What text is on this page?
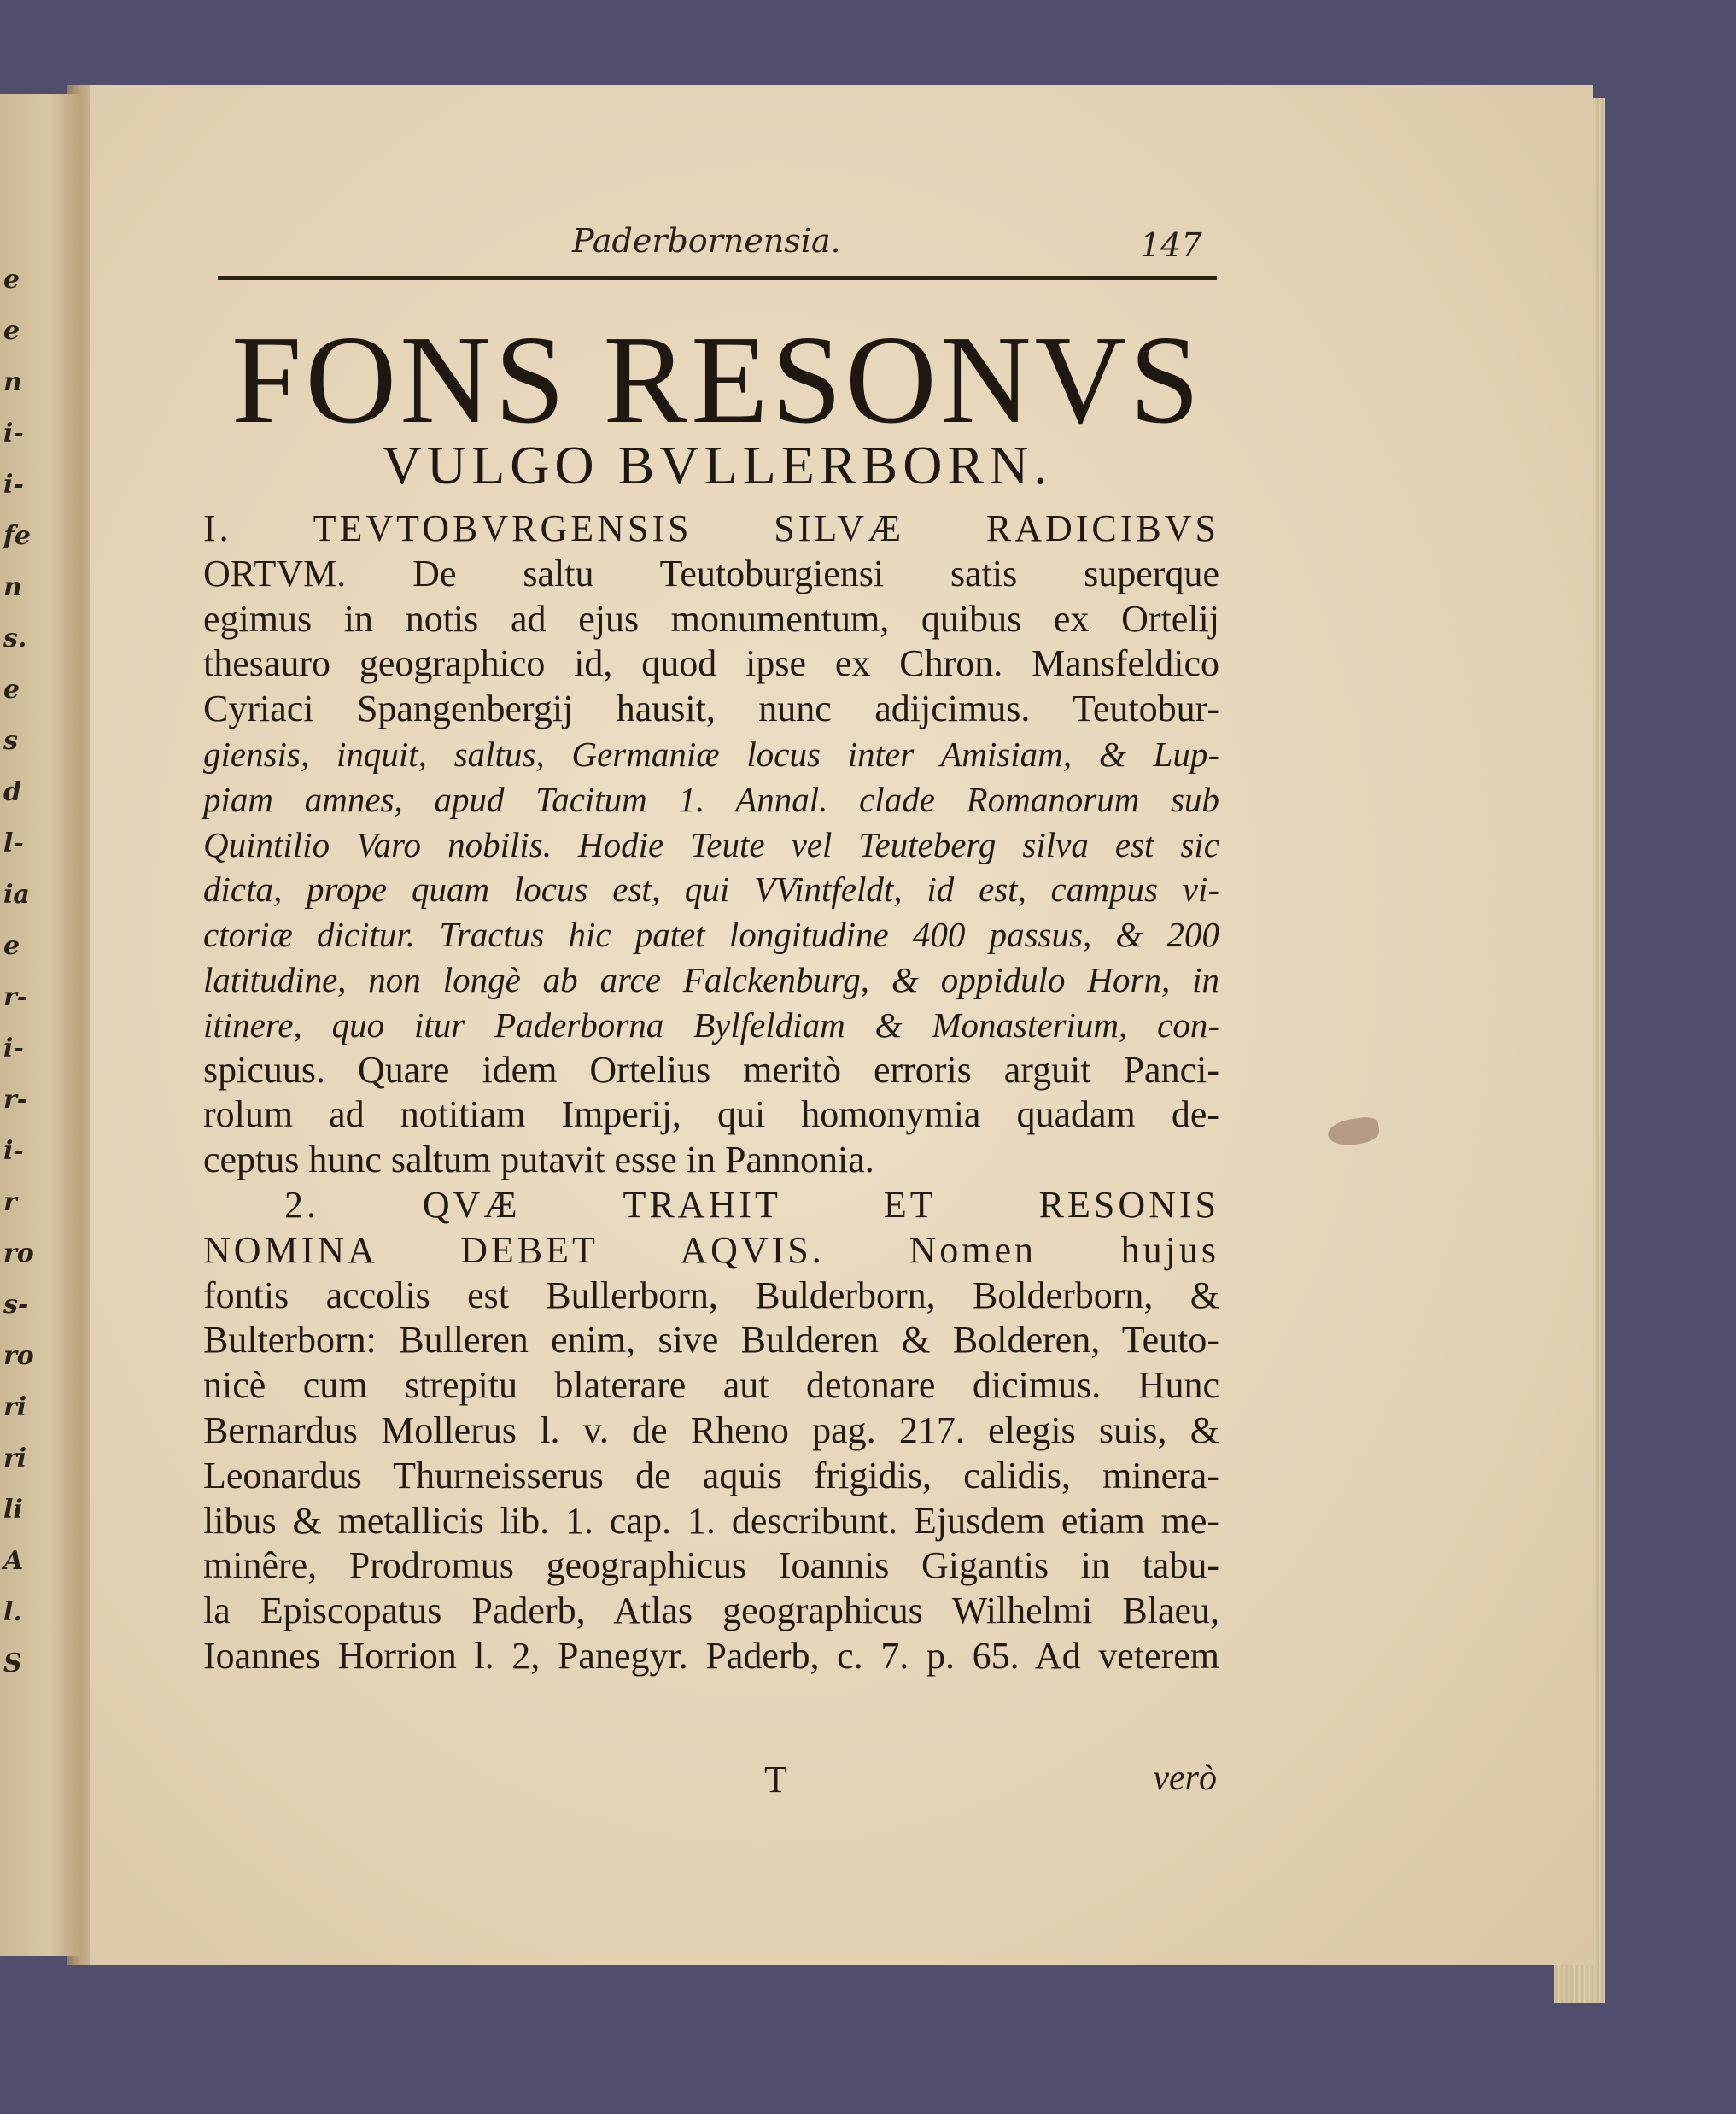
e
e
n
i-
i-
fe
n
s.
e
s
d
l-
ia
e
r-
i-
r-
i-
r
ro
s-
ro
ri
ri
li
A
l.
S
Paderbornensia.	147
FONS RESONVS
VULGO BVLLERBORN.
I. TEVTOBVRGENSIS SILVÆ RADICIBVS
ORTVM. De saltu Teutoburgiensi satis superque
egimus in notis ad ejus monumentum, quibus ex Ortelij
thesauro geographico id, quod ipse ex Chron. Mansfeldico
Cyriaci Spangenbergij hausit, nunc adijcimus. Teutobur-
giensis, inquit, saltus, Germaniæ locus inter Amisiam, & Lup-
piam amnes, apud Tacitum 1. Annal. clade Romanorum sub
Quintilio Varo nobilis. Hodie Teute vel Teuteberg silva est sic
dicta, prope quam locus est, qui VVintfeldt, id est, campus vi-
ctoriæ dicitur. Tractus hic patet longitudine 400 passus, & 200
latitudine, non longè ab arce Falckenburg, & oppidulo Horn, in
itinere, quo itur Paderborna Bylfeldiam & Monasterium, con-
spicuus. Quare idem Ortelius meritò erroris arguit Panci-
rolum ad notitiam Imperij, qui homonymia quadam de-
ceptus hunc saltum putavit esse in Pannonia.
2. QVÆ TRAHIT ET RESONIS
NOMINA DEBET AQVIS. Nomen hujus
fontis accolis est Bullerborn, Bulderborn, Bolderborn, &
Bulterborn: Bulleren enim, sive Bulderen & Bolderen, Teuto-
nicè cum strepitu blaterare aut detonare dicimus. Hunc
Bernardus Mollerus l. v. de Rheno pag. 217. elegis suis, &
Leonardus Thurneisserus de aquis frigidis, calidis, minera-
libus & metallicis lib. 1. cap. 1. describunt. Ejusdem etiam me-
minêre, Prodromus geographicus Ioannis Gigantis in tabu-
la Episcopatus Paderb, Atlas geographicus Wilhelmi Blaeu,
Ioannes Horrion l. 2, Panegyr. Paderb, c. 7. p. 65. Ad veterem
T	verò
